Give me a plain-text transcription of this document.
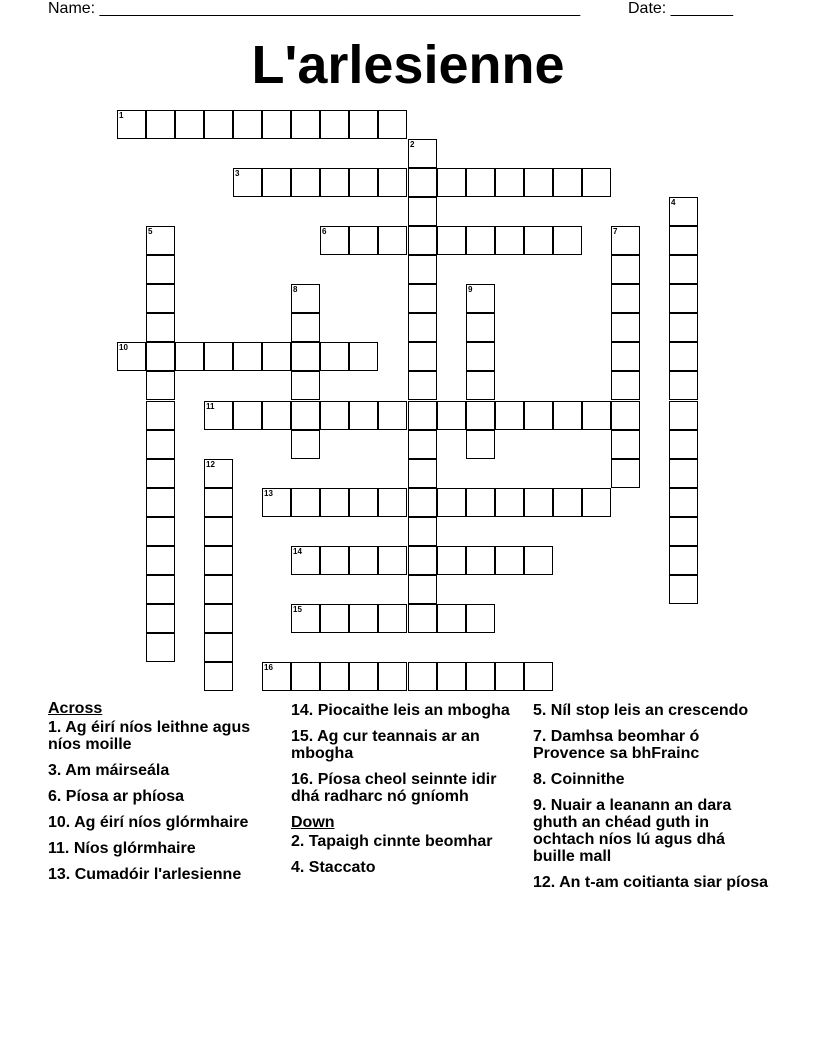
Name: ______________________________________________________	Date: _______
L'arlesienne
1
2
3
4
5	6	7
8	9
10
11
12
13
14
15
16
Across
1. Ag éirí níos leithne agus níos moille
3. Am máirseála
6. Píosa ar phíosa
10. Ag éirí níos glórmhaire
11. Níos glórmhaire
13. Cumadóir l'arlesienne
14. Piocaithe leis an mbogha
15. Ag cur teannais ar an mbogha
16. Píosa cheol seinnte idir dhá radharc nó gníomh
Down
2. Tapaigh cinnte beomhar
4. Staccato
5. Níl stop leis an crescendo
7. Damhsa beomhar ó Provence sa bhFrainc
8. Coinnithe
9. Nuair a leanann an dara ghuth an chéad guth in ochtach níos lú agus dhá buille mall
12. An t-am coitianta siar píosa
